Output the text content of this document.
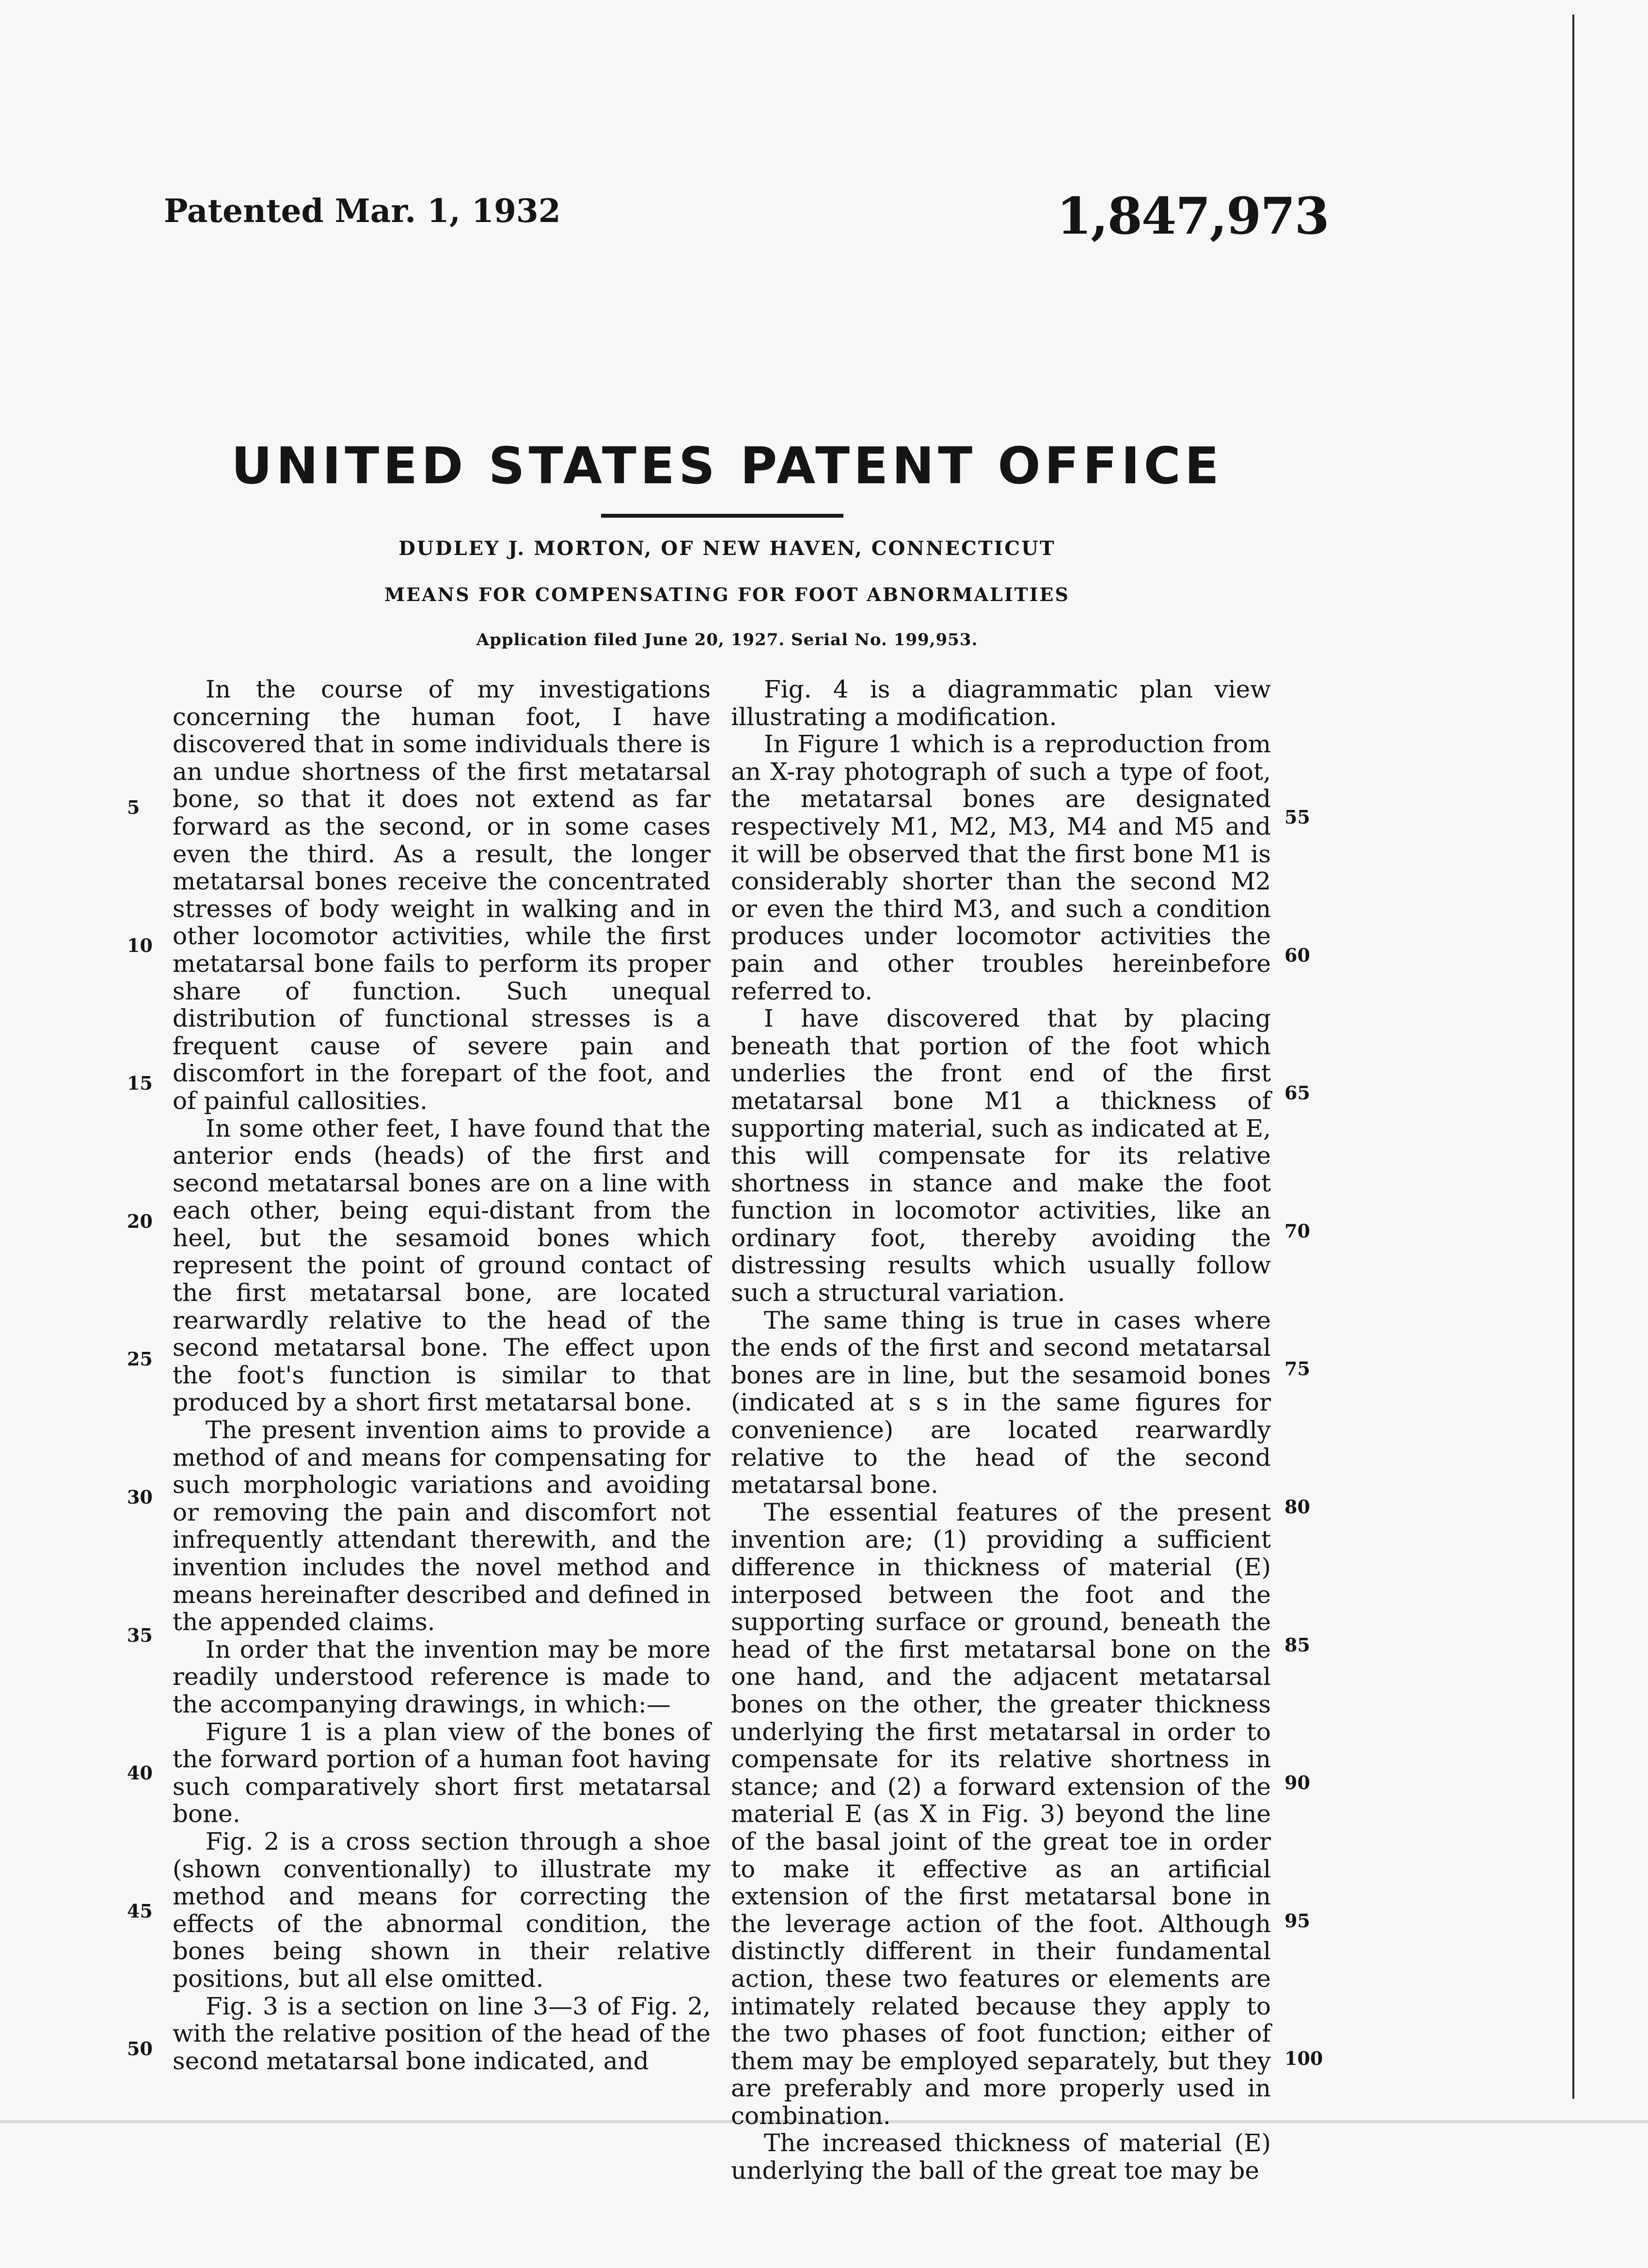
Patented Mar. 1, 1932	1,847,973
UNITED STATES PATENT OFFICE
DUDLEY J. MORTON, OF NEW HAVEN, CONNECTICUT
MEANS FOR COMPENSATING FOR FOOT ABNORMALITIES
Application filed June 20, 1927. Serial No. 199,953.

In the course of my investigations concerning the human foot, I have discovered that in some individuals there is an undue shortness of the first metatarsal bone, so that it does not extend as far forward as the second, or in some cases even the third. As a result, the longer metatarsal bones receive the concentrated stresses of body weight in walking and in other locomotor activities, while the first metatarsal bone fails to perform its proper share of function. Such unequal distribution of functional stresses is a frequent cause of severe pain and discomfort in the forepart of the foot, and of painful callosities.

In some other feet, I have found that the anterior ends (heads) of the first and second metatarsal bones are on a line with each other, being equi-distant from the heel, but the sesamoid bones which represent the point of ground contact of the first metatarsal bone, are located rearwardly relative to the head of the second metatarsal bone. The effect upon the foot's function is similar to that produced by a short first metatarsal bone.

The present invention aims to provide a method of and means for compensating for such morphologic variations and avoiding or removing the pain and discomfort not infrequently attendant therewith, and the invention includes the novel method and means hereinafter described and defined in the appended claims.

In order that the invention may be more readily understood reference is made to the accompanying drawings, in which:—

Figure 1 is a plan view of the bones of the forward portion of a human foot having such comparatively short first metatarsal bone.

Fig. 2 is a cross section through a shoe (shown conventionally) to illustrate my method and means for correcting the effects of the abnormal condition, the bones being shown in their relative positions, but all else omitted.

Fig. 3 is a section on line 3—3 of Fig. 2, with the relative position of the head of the second metatarsal bone indicated, and

Fig. 4 is a diagrammatic plan view illustrating a modification.

In Figure 1 which is a reproduction from an X-ray photograph of such a type of foot, the metatarsal bones are designated respectively M1, M2, M3, M4 and M5 and it will be observed that the first bone M1 is considerably shorter than the second M2 or even the third M3, and such a condition produces under locomotor activities the pain and other troubles hereinbefore referred to.

I have discovered that by placing beneath that portion of the foot which underlies the front end of the first metatarsal bone M1 a thickness of supporting material, such as indicated at E, this will compensate for its relative shortness in stance and make the foot function in locomotor activities, like an ordinary foot, thereby avoiding the distressing results which usually follow such a structural variation.

The same thing is true in cases where the ends of the first and second metatarsal bones are in line, but the sesamoid bones (indicated at s s in the same figures for convenience) are located rearwardly relative to the head of the second metatarsal bone.

The essential features of the present invention are; (1) providing a sufficient difference in thickness of material (E) interposed between the foot and the supporting surface or ground, beneath the head of the first metatarsal bone on the one hand, and the adjacent metatarsal bones on the other, the greater thickness underlying the first metatarsal in order to compensate for its relative shortness in stance; and (2) a forward extension of the material E (as X in Fig. 3) beyond the line of the basal joint of the great toe in order to make it effective as an artificial extension of the first metatarsal bone in the leverage action of the foot. Although distinctly different in their fundamental action, these two features or elements are intimately related because they apply to the two phases of foot function; either of them may be employed separately, but they are preferably and more properly used in combination.

The increased thickness of material (E) underlying the ball of the great toe may be

5
10
15
20
25
30
35
40
45
50
55
60
65
70
75
80
85
90
95
100
